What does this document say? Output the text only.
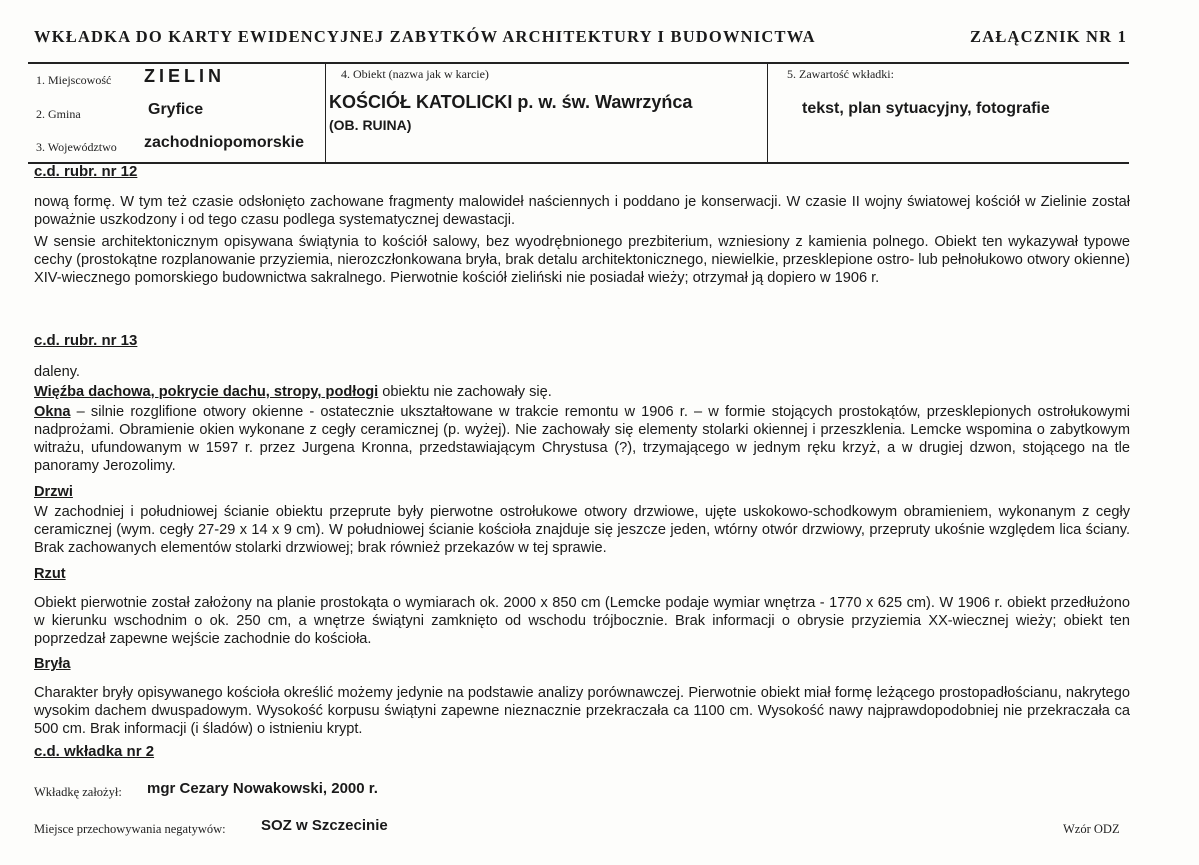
WKŁADKA DO KARTY EWIDENCYJNEJ ZABYTKÓW ARCHITEKTURY I BUDOWNICTWA	ZAŁĄCZNIK NR 1
1. Miejscowość ZIELIN
2. Gmina	Gryfice
3. Województwo zachodniopomorskie
4. Obiekt (nazwa jak w karcie)
KOŚCIÓŁ KATOLICKI p. w. św. Wawrzyńca
(OB. RUINA)
5. Zawartość wkładki:
tekst, plan sytuacyjny, fotografie
c.d. rubr. nr 12

nową formę. W tym też czasie odsłonięto zachowane fragmenty malowideł naściennych i poddano je konserwacji. W czasie II wojny światowej kościół w Zielinie został poważnie uszkodzony i od tego czasu podlega systematycznej dewastacji.

W sensie architektonicznym opisywana świątynia to kościół salowy, bez wyodrębnionego prezbiterium, wzniesiony z kamienia polnego. Obiekt ten wykazywał typowe cechy (prostokątne rozplanowanie przyziemia, nierozczłonkowana bryła, brak detalu architektonicznego, niewielkie, przesklepione ostro- lub pełnołukowo otwory okienne) XIV-wiecznego pomorskiego budownictwa sakralnego. Pierwotnie kościół zieliński nie posiadał wieży; otrzymał ją dopiero w 1906 r.

c.d. rubr. nr 13

daleny.

Więźba dachowa, pokrycie dachu, stropy, podłogi obiektu nie zachowały się.

Okna – silnie rozglifione otwory okienne - ostatecznie ukształtowane w trakcie remontu w 1906 r. – w formie stojących prostokątów, przesklepionych ostrołukowymi nadprożami. Obramienie okien wykonane z cegły ceramicznej (p. wyżej). Nie zachowały się elementy stolarki okiennej i przeszklenia. Lemcke wspomina o zabytkowym witrażu, ufundowanym w 1597 r. przez Jurgena Kronna, przedstawiającym Chrystusa (?), trzymającego w jednym ręku krzyż, a w drugiej dzwon, stojącego na tle panoramy Jerozolimy.

Drzwi

W zachodniej i południowej ścianie obiektu przeprute były pierwotne ostrołukowe otwory drzwiowe, ujęte uskokowo-schodkowym obramieniem, wykonanym z cegły ceramicznej (wym. cegły 27-29 x 14 x 9 cm). W południowej ścianie kościoła znajduje się jeszcze jeden, wtórny otwór drzwiowy, przepruty ukośnie względem lica ściany. Brak zachowanych elementów stolarki drzwiowej; brak również przekazów w tej sprawie.

Rzut

Obiekt pierwotnie został założony na planie prostokąta o wymiarach ok. 2000 x 850 cm (Lemcke podaje wymiar wnętrza - 1770 x 625 cm). W 1906 r. obiekt przedłużono w kierunku wschodnim o ok. 250 cm, a wnętrze świątyni zamknięto od wschodu trójbocznie. Brak informacji o obrysie przyziemia XX-wiecznej wieży; obiekt ten poprzedzał zapewne wejście zachodnie do kościoła.

Bryła

Charakter bryły opisywanego kościoła określić możemy jedynie na podstawie analizy porównawczej. Pierwotnie obiekt miał formę leżącego prostopadłościanu, nakrytego wysokim dachem dwuspadowym. Wysokość korpusu świątyni zapewne nieznacznie przekraczała ca 1100 cm. Wysokość nawy najprawdopodobniej nie przekraczała ca 500 cm. Brak informacji (i śladów) o istnieniu krypt.

c.d. wkładka nr 2
Wkładkę założył: mgr Cezary Nowakowski, 2000 r.
Miejsce przechowywania negatywów: SOZ w Szczecinie	Wzór ODZ
